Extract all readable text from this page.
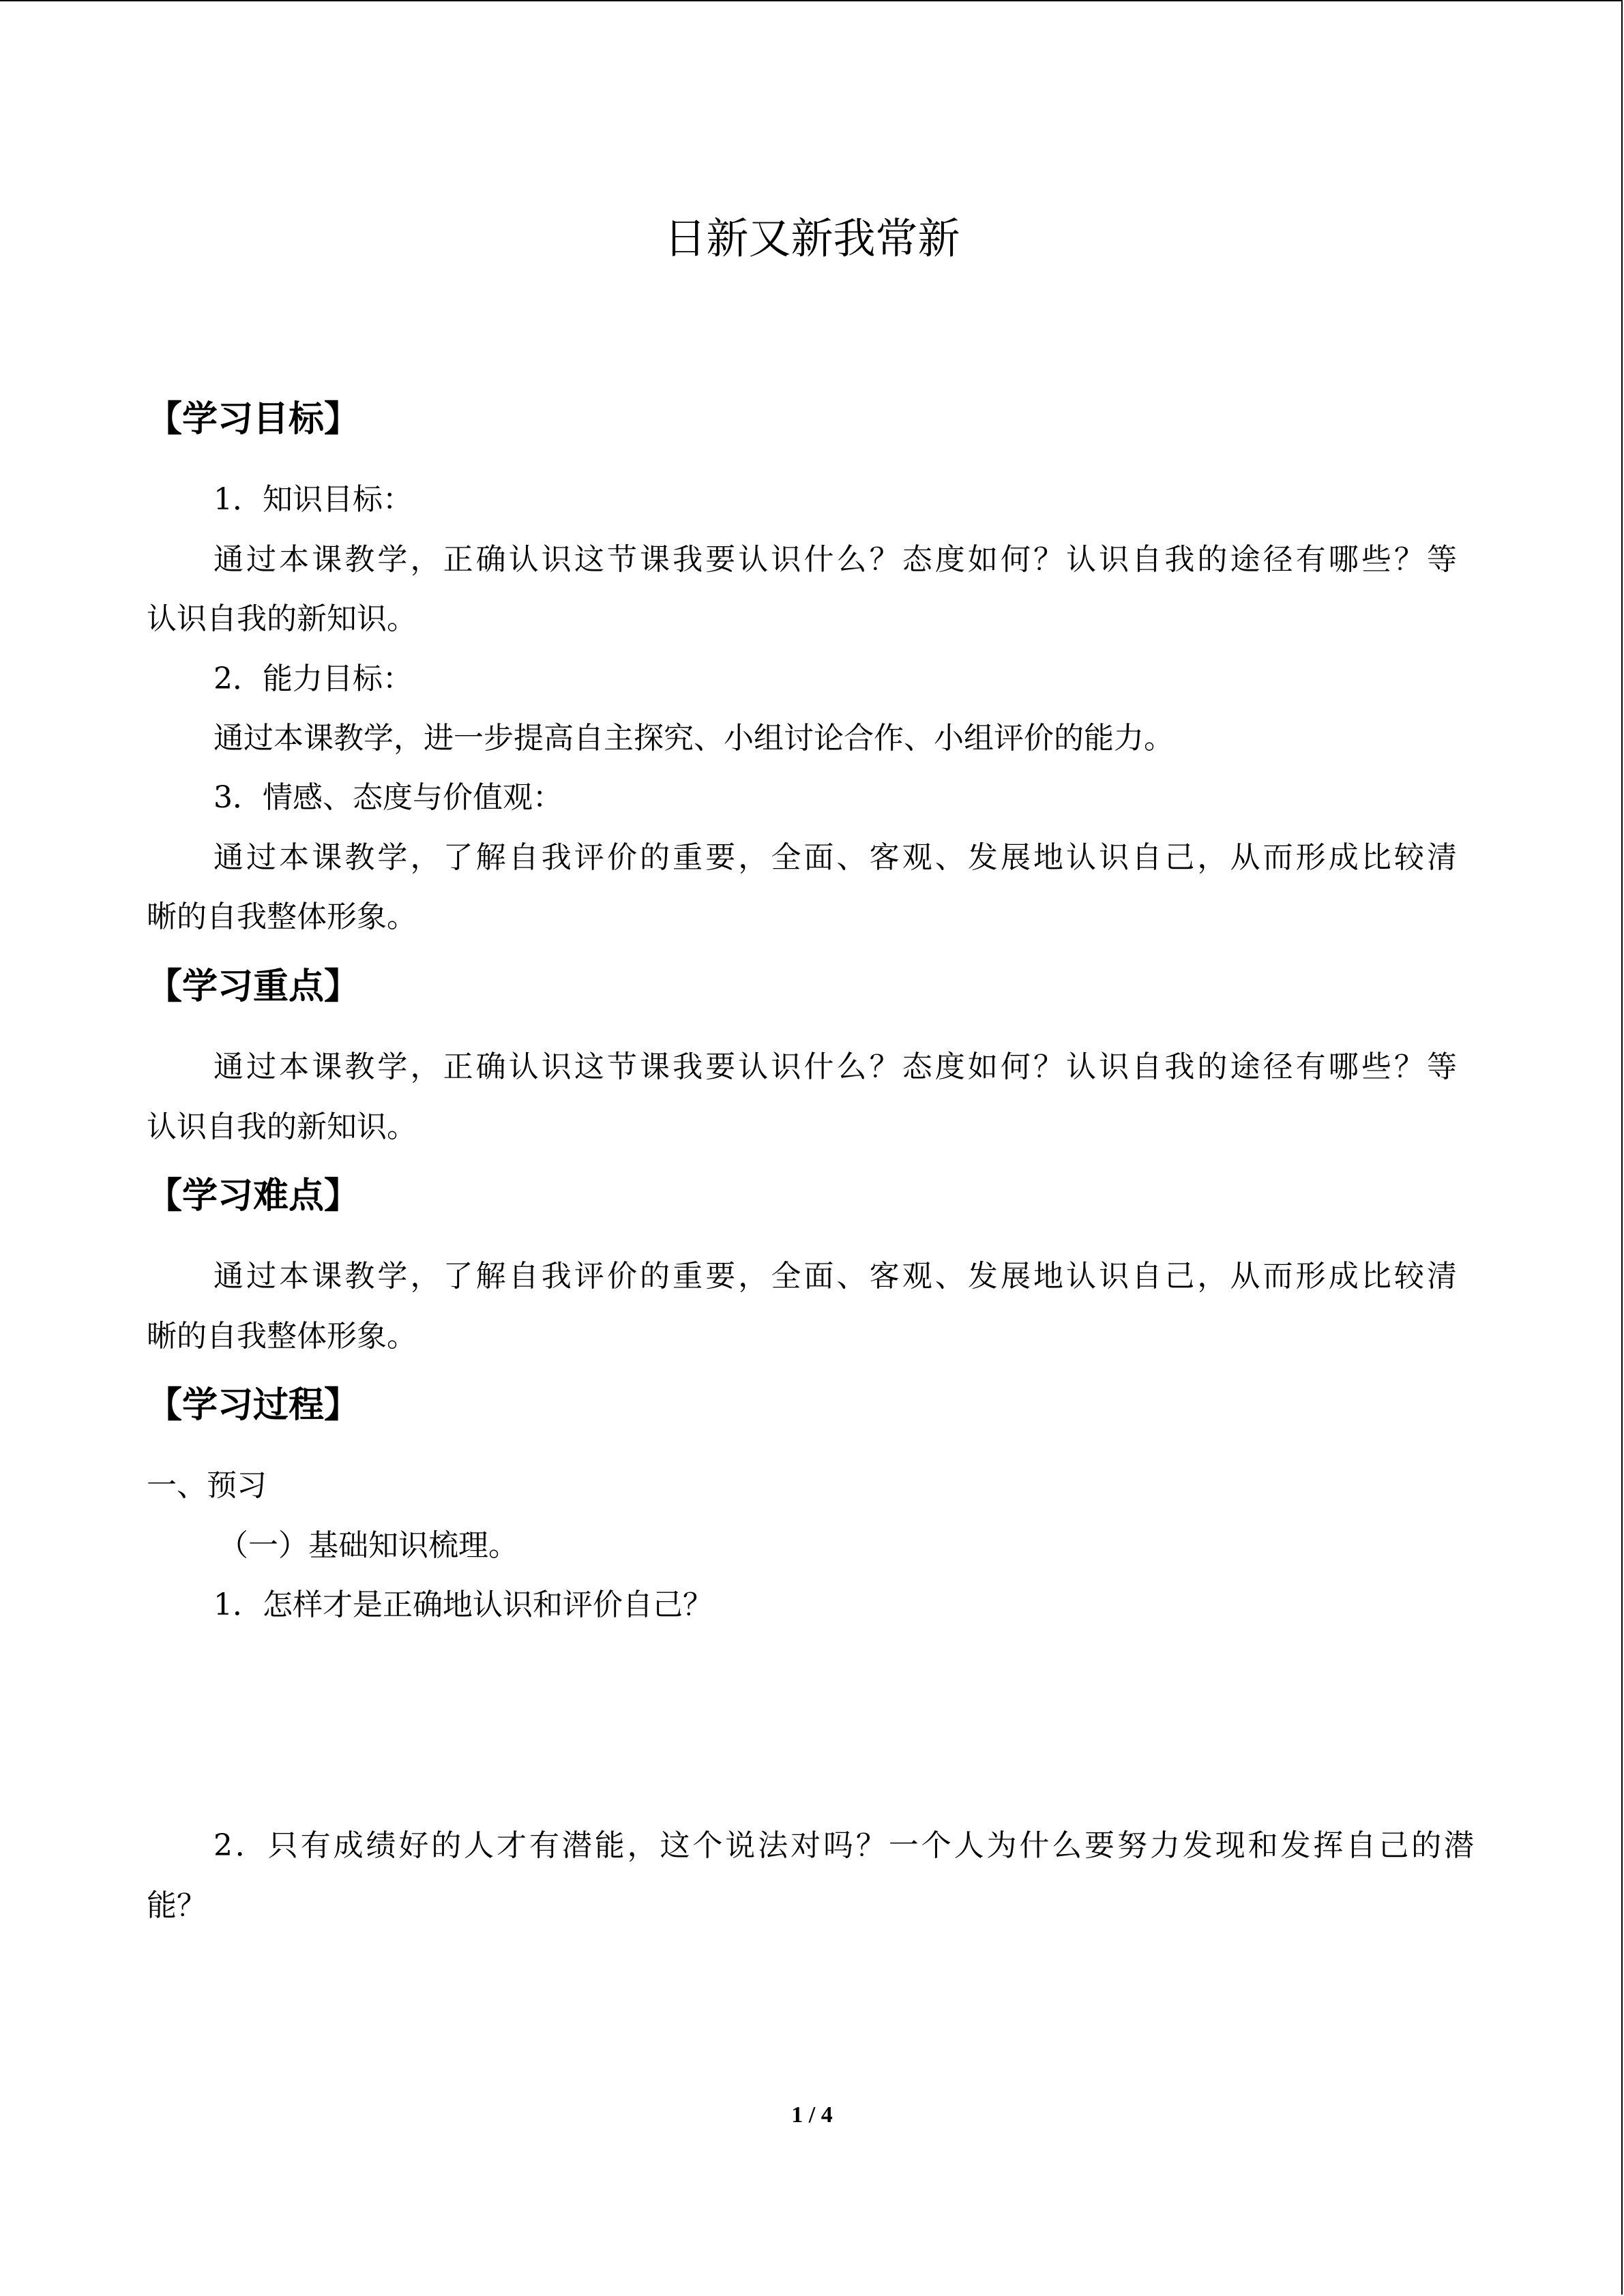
日新又新我常新
【学习目标】
1．知识目标：
通过本课教学，正确认识这节课我要认识什么？态度如何？认识自我的途径有哪些？等
认识自我的新知识。
2．能力目标：
通过本课教学，进一步提高自主探究、小组讨论合作、小组评价的能力。
3．情感、态度与价值观：
通过本课教学，了解自我评价的重要，全面、客观、发展地认识自己，从而形成比较清
晰的自我整体形象。
【学习重点】
通过本课教学，正确认识这节课我要认识什么？态度如何？认识自我的途径有哪些？等
认识自我的新知识。
【学习难点】
通过本课教学，了解自我评价的重要，全面、客观、发展地认识自己，从而形成比较清
晰的自我整体形象。
【学习过程】
一、预习
（一）基础知识梳理。
1．怎样才是正确地认识和评价自己？
2．只有成绩好的人才有潜能，这个说法对吗？一个人为什么要努力发现和发挥自己的潜
能？
1 / 4
